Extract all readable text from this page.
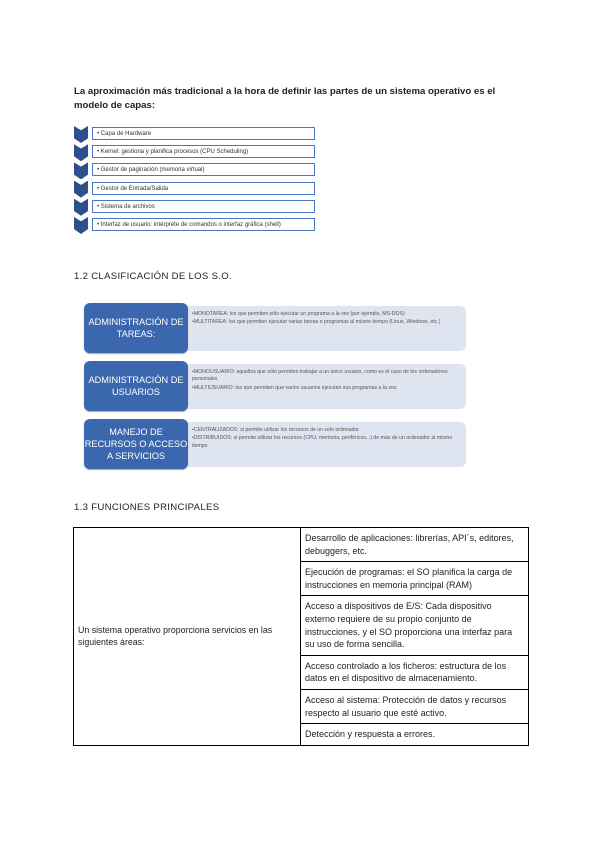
La aproximación más tradicional a la hora de definir las partes de un sistema operativo es el modelo de capas:
• Capa de Hardware
• Kernel: gestiona y planifica procesos (CPU Scheduling)
• Gestor de paginación (memoria virtual)
• Gestor de Entrada/Salida
• Sistema de archivos
• Interfaz de usuario: intérprete de comandos o interfaz gráfica (shell)
1.2 CLASIFICACIÓN DE LOS S.O.

• MONOTAREA: los que permiten sólo ejecutar un programa a la vez (por ejemplo, MS-DOS)

• MULTITAREA: los que permiten ejecutar varias tareas o programas al mismo tiempo (Linux, Windows, etc.)

ADMINISTRACIÓN DE TAREAS:

• MONOUSUARIO: aquellos que sólo permiten trabajar a un único usuario, como es el caso de los ordenadores personales

• MULTIUSUARIO: los que permiten que varios usuarios ejecuten sus programas a la vez.

ADMINISTRACIÓN DE USUARIOS

• CENTRALIZADOS: si permite utilizar los recursos de un solo ordenador

• DISTRIBUIDOS: si permite utilizar los recursos (CPU, memoria, periféricos...) de más de un ordenador al mismo tiempo

MANEJO DE RECURSOS O ACCESO A SERVICIOS
1.3 FUNCIONES PRINCIPALES
Un sistema operativo proporciona servicios en las siguientes áreas:	Desarrollo de aplicaciones: librerías, API´s, editores, debuggers, etc.
Ejecución de programas: el SO planifica la carga de instrucciones en memoria principal (RAM)
Acceso a dispositivos de E/S: Cada dispositivo externo requiere de su propio conjunto de instrucciones, y el SO proporciona una interfaz para su uso de forma sencilla.
Acceso controlado a los ficheros: estructura de los datos en el dispositivo de almacenamiento.
Acceso al sistema: Protección de datos y recursos respecto al usuario que esté activo.
Detección y respuesta a errores.
